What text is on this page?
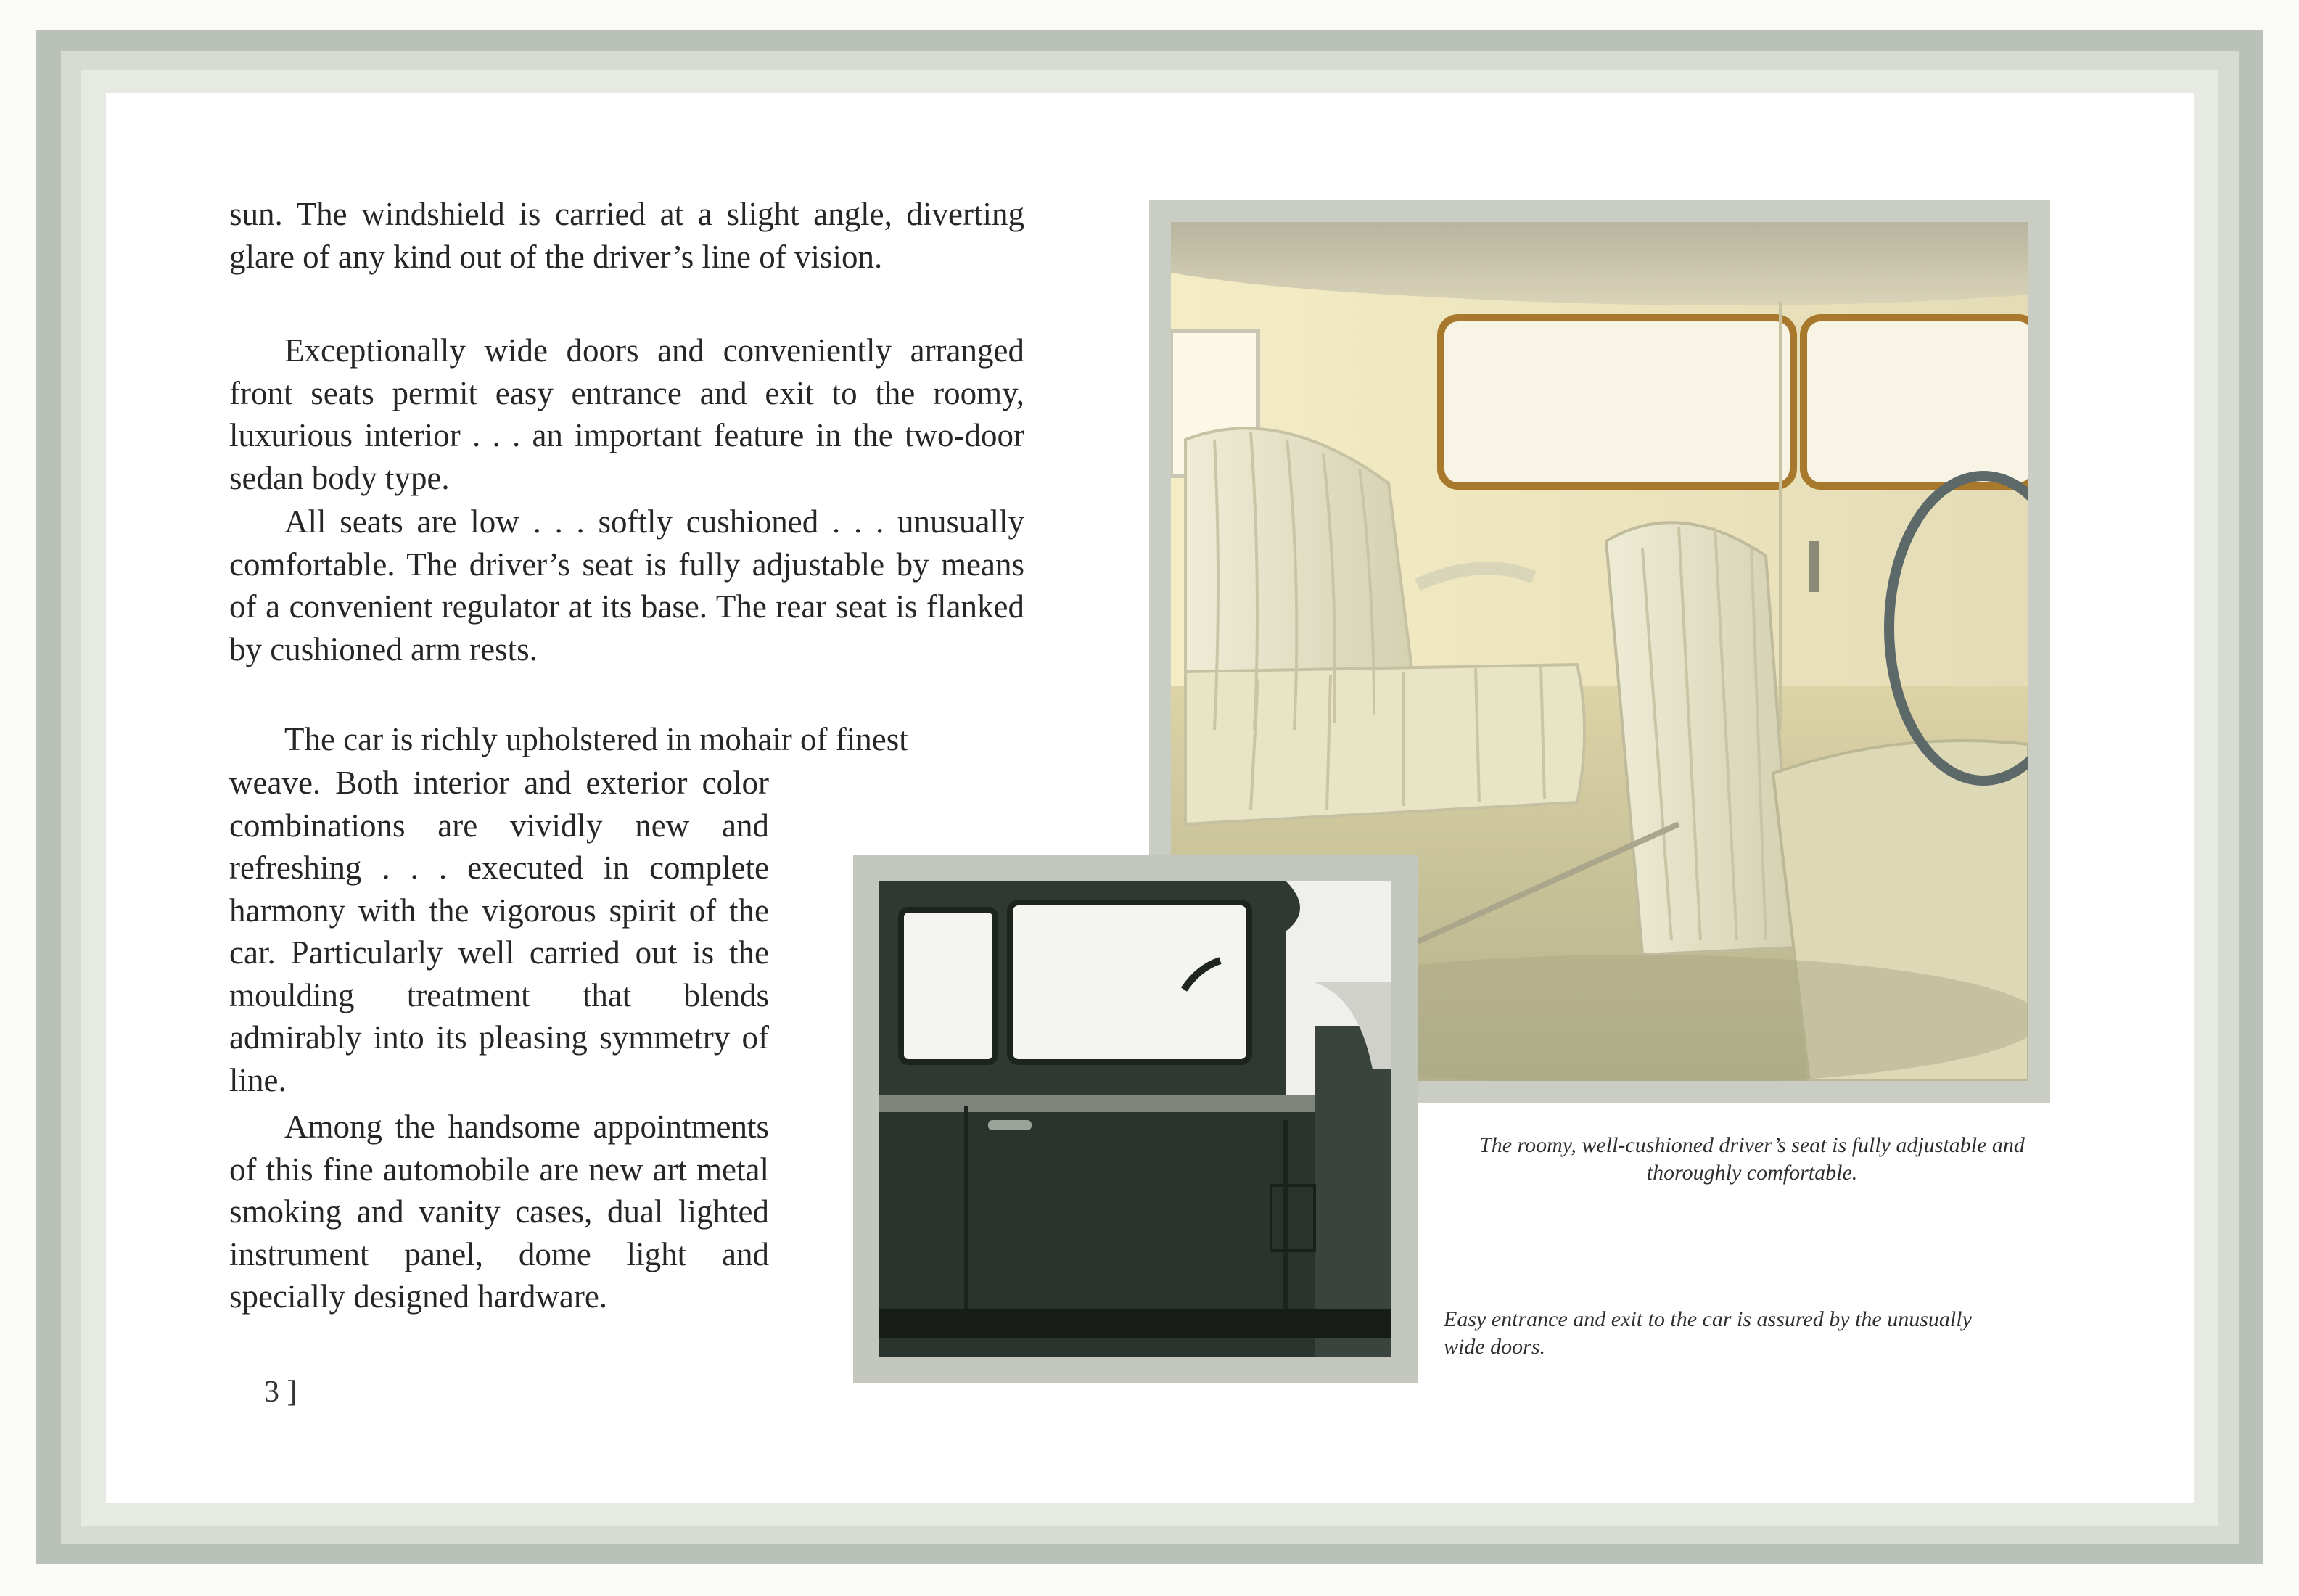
sun. The windshield is carried at a slight angle, diverting glare of any kind out of the driver’s line of vision.

Exceptionally wide doors and conveniently arranged front seats permit easy entrance and exit to the roomy, luxurious interior . . . an important feature in the two-door sedan body type.

All seats are low . . . softly cushioned . . . unusually comfortable. The driver’s seat is fully adjustable by means of a convenient regulator at its base. The rear seat is flanked by cushioned arm rests.

The car is richly upholstered in mohair of finest

weave. Both interior and exterior color combinations are vividly new and refreshing . . . executed in complete harmony with the vigorous spirit of the car. Particularly well carried out is the moulding treatment that blends admirably into its pleasing symmetry of line.

Among the handsome appointments of this fine automobile are new art metal smoking and vanity cases, dual lighted instrument panel, dome light and specially designed hardware.

3 ]

The roomy, well-cushioned driver’s seat is fully adjustable and thoroughly comfortable.

Easy entrance and exit to the car is assured by the unusually wide doors.
